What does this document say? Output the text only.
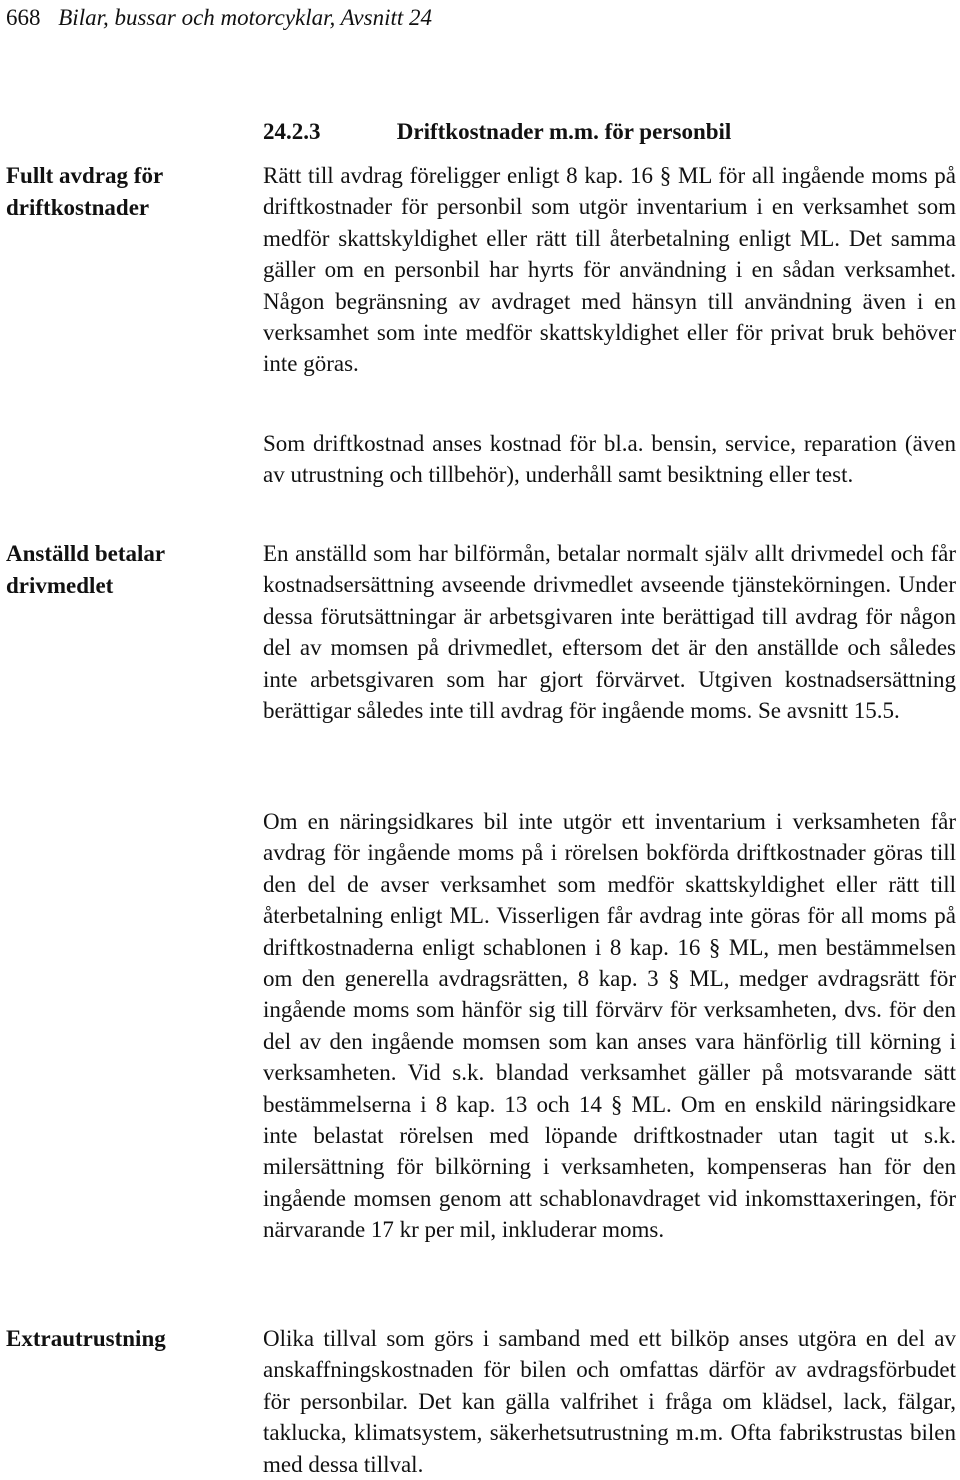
668 Bilar, bussar och motorcyklar, Avsnitt 24
24.2.3	Driftkostnader m.m. för personbil
Fullt avdrag för driftkostnader
Anställd betalar drivmedlet
Extrautrustning

Rätt till avdrag föreligger enligt 8 kap. 16 § ML för all ingående moms på driftkostnader för personbil som utgör inventarium i en verksamhet som medför skattskyldighet eller rätt till återbetalning enligt ML. Det samma gäller om en personbil har hyrts för användning i en sådan verksamhet. Någon begränsning av avdraget med hänsyn till användning även i en verksamhet som inte medför skattskyldighet eller för privat bruk behöver inte göras.

Som driftkostnad anses kostnad för bl.a. bensin, service, reparation (även av utrustning och tillbehör), underhåll samt besiktning eller test.

En anställd som har bilförmån, betalar normalt själv allt drivmedel och får kostnadsersättning avseende drivmedlet avseende tjänstekörningen. Under dessa förutsättningar är arbetsgivaren inte berättigad till avdrag för någon del av momsen på drivmedlet, eftersom det är den anställde och således inte arbetsgivaren som har gjort förvärvet. Utgiven kostnadsersättning berättigar således inte till avdrag för ingående moms. Se avsnitt 15.5.

Om en näringsidkares bil inte utgör ett inventarium i verksamheten får avdrag för ingående moms på i rörelsen bokförda driftkostnader göras till den del de avser verksamhet som medför skattskyldighet eller rätt till återbetalning enligt ML. Visserligen får avdrag inte göras för all moms på driftkostnaderna enligt schablonen i 8 kap. 16 § ML, men bestämmelsen om den generella avdragsrätten, 8 kap. 3 § ML, medger avdragsrätt för ingående moms som hänför sig till förvärv för verksamheten, dvs. för den del av den ingående momsen som kan anses vara hänförlig till körning i verksamheten. Vid s.k. blandad verksamhet gäller på motsvarande sätt bestämmelserna i 8 kap. 13 och 14 § ML. Om en enskild näringsidkare inte belastat rörelsen med löpande driftkostnader utan tagit ut s.k. milersättning för bilkörning i verksamheten, kompenseras han för den ingående momsen genom att schablonavdraget vid inkomsttaxeringen, för närvarande 17 kr per mil, inkluderar moms.

Olika tillval som görs i samband med ett bilköp anses utgöra en del av anskaffningskostnaden för bilen och omfattas därför av avdragsförbudet för personbilar. Det kan gälla valfrihet i fråga om klädsel, lack, fälgar, taklucka, klimatsystem, säkerhetsutrustning m.m. Ofta fabrikstrustas bilen med dessa tillval.
